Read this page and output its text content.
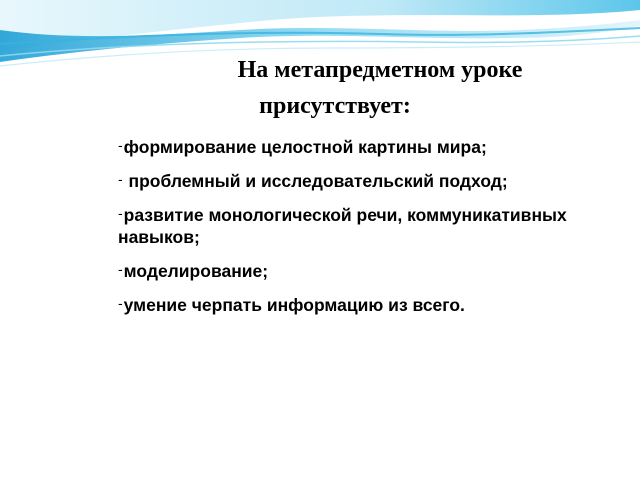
На метапредметном уроке
присутствует:
-формирование целостной картины мира;
- проблемный и исследовательский подход;
-развитие монологической речи, коммуникативных навыков;
-моделирование;
-умение черпать информацию из всего.
